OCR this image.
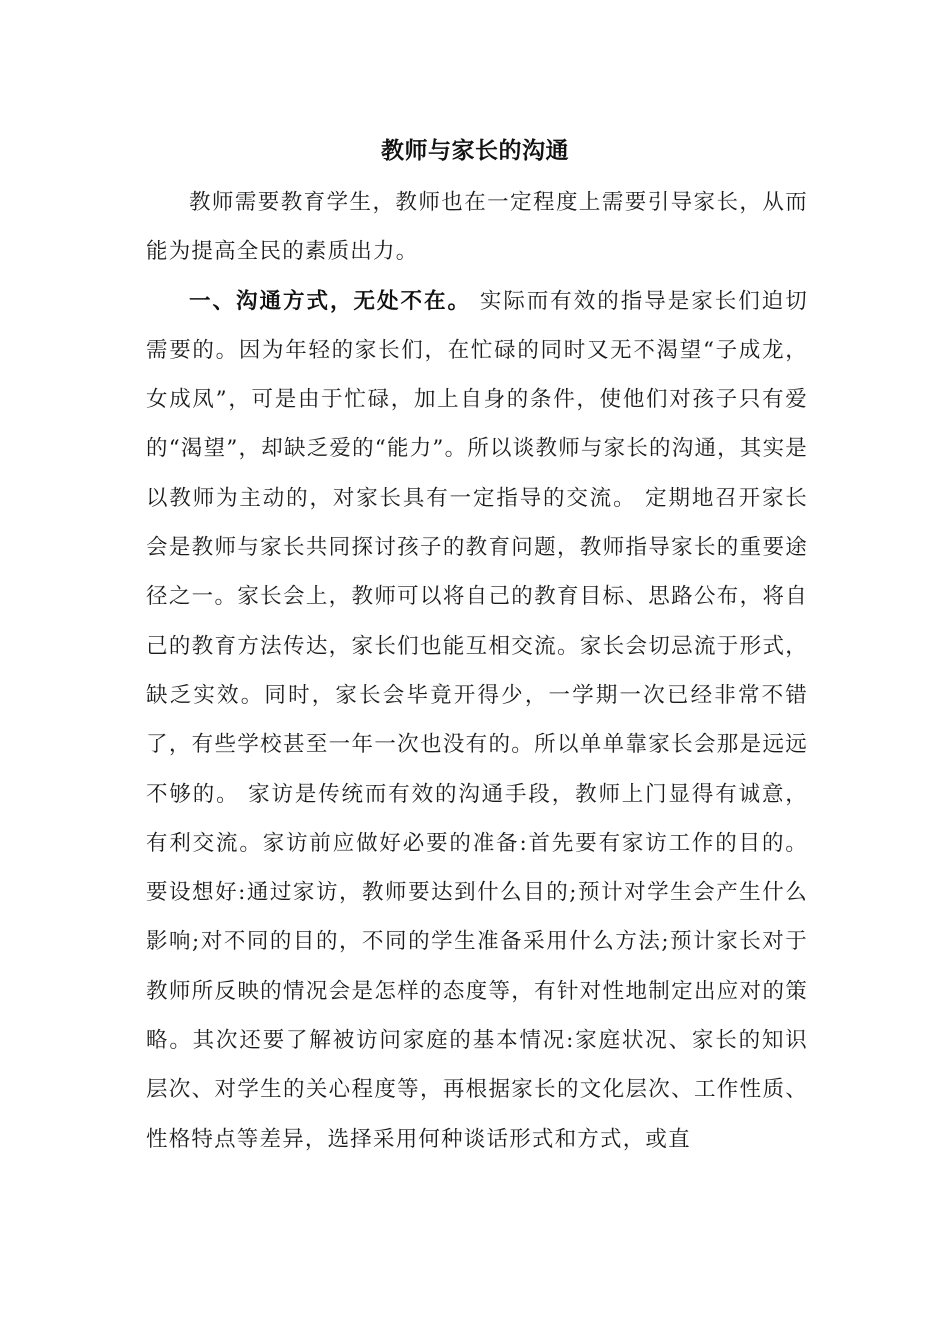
教师与家长的沟通

教师需要教育学生，教师也在一定程度上需要引导家长，从而能为提高全民的素质出力。

一、沟通方式，无处不在。 实际而有效的指导是家长们迫切需要的。因为年轻的家长们，在忙碌的同时又无不渴望“子成龙，女成凤”，可是由于忙碌，加上自身的条件，使他们对孩子只有爱的“渴望”，却缺乏爱的“能力”。所以谈教师与家长的沟通，其实是以教师为主动的，对家长具有一定指导的交流。 定期地召开家长会是教师与家长共同探讨孩子的教育问题，教师指导家长的重要途径之一。家长会上，教师可以将自己的教育目标、思路公布，将自己的教育方法传达，家长们也能互相交流。家长会切忌流于形式，缺乏实效。同时，家长会毕竟开得少，一学期一次已经非常不错了，有些学校甚至一年一次也没有的。所以单单靠家长会那是远远不够的。 家访是传统而有效的沟通手段，教师上门显得有诚意，有利交流。家访前应做好必要的准备:首先要有家访工作的目的。要设想好:通过家访，教师要达到什么目的;预计对学生会产生什么影响;对不同的目的，不同的学生准备采用什么方法;预计家长对于教师所反映的情况会是怎样的态度等，有针对性地制定出应对的策略。其次还要了解被访问家庭的基本情况:家庭状况、家长的知识层次、对学生的关心程度等，再根据家长的文化层次、工作性质、性格特点等差异，选择采用何种谈话形式和方式，或直
